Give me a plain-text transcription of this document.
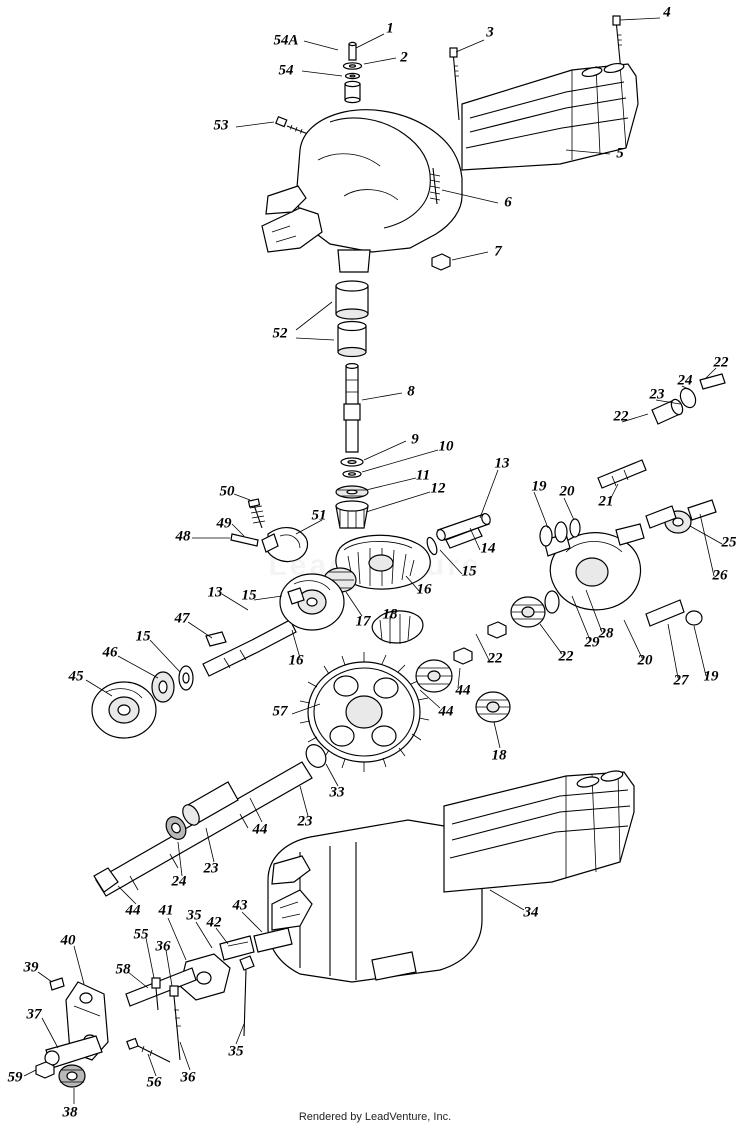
54A
1
2
3
4
54
53
5
6
7
52
8
9 10
11
12
13
19 20
22
24
23
22
21
25
26
50
49
48
51
14
15
16
17 18
13 15
47
15
46
45
16
57	44
22	22
29
28
20
27 19
44
18
33
23
44
23
24
44	34
41 35 42
43
55
36
58
40
39
37
59
38
56 36
35
Rendered by LeadVenture, Inc.
